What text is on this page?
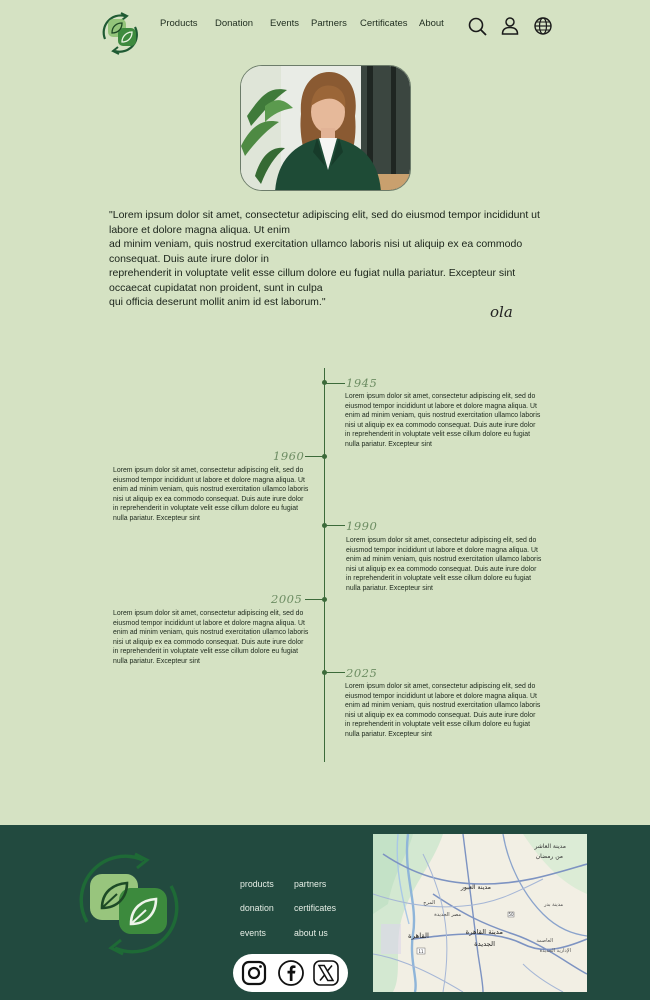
Products Donation Events Partners Certificates About

"Lorem ipsum dolor sit amet, consectetur adipiscing elit, sed do eiusmod tempor incididunt ut labore et dolore magna aliqua. Ut enim

ad minim veniam, quis nostrud exercitation ullamco laboris nisi ut aliquip ex ea commodo consequat. Duis aute irure dolor in

reprehenderit in voluptate velit esse cillum dolore eu fugiat nulla pariatur. Excepteur sint occaecat cupidatat non proident, sunt in culpa

qui officia deserunt mollit anim id est laborum."

ola
1945
Lorem ipsum dolor sit amet, consectetur adipiscing elit, sed do eiusmod tempor incididunt ut labore et dolore magna aliqua. Ut enim ad minim veniam, quis nostrud exercitation ullamco laboris nisi ut aliquip ex ea commodo consequat. Duis aute irure dolor in reprehenderit in voluptate velit esse cillum dolore eu fugiat nulla pariatur. Excepteur sint
1960
Lorem ipsum dolor sit amet, consectetur adipiscing elit, sed do eiusmod tempor incididunt ut labore et dolore magna aliqua. Ut enim ad minim veniam, quis nostrud exercitation ullamco laboris nisi ut aliquip ex ea commodo consequat. Duis aute irure dolor in reprehenderit in voluptate velit esse cillum dolore eu fugiat nulla pariatur. Excepteur sint
1990
Lorem ipsum dolor sit amet, consectetur adipiscing elit, sed do eiusmod tempor incididunt ut labore et dolore magna aliqua. Ut enim ad minim veniam, quis nostrud exercitation ullamco laboris nisi ut aliquip ex ea commodo consequat. Duis aute irure dolor in reprehenderit in voluptate velit esse cillum dolore eu fugiat nulla pariatur. Excepteur sint
2005
Lorem ipsum dolor sit amet, consectetur adipiscing elit, sed do eiusmod tempor incididunt ut labore et dolore magna aliqua. Ut enim ad minim veniam, quis nostrud exercitation ullamco laboris nisi ut aliquip ex ea commodo consequat. Duis aute irure dolor in reprehenderit in voluptate velit esse cillum dolore eu fugiat nulla pariatur. Excepteur sint
2025
Lorem ipsum dolor sit amet, consectetur adipiscing elit, sed do eiusmod tempor incididunt ut labore et dolore magna aliqua. Ut enim ad minim veniam, quis nostrud exercitation ullamco laboris nisi ut aliquip ex ea commodo consequat. Duis aute irure dolor in reprehenderit in voluptate velit esse cillum dolore eu fugiat nulla pariatur. Excepteur sint
products partners
donation certificates
events	about us
مدينة العاشر
من رمضان
مدينة العبور
مدينة بدر
المرج
مصر الجديدة
القاهرة	مدينة القاهرة
الجديدة	العاصمة
الإدارية الجديدة
50
11
